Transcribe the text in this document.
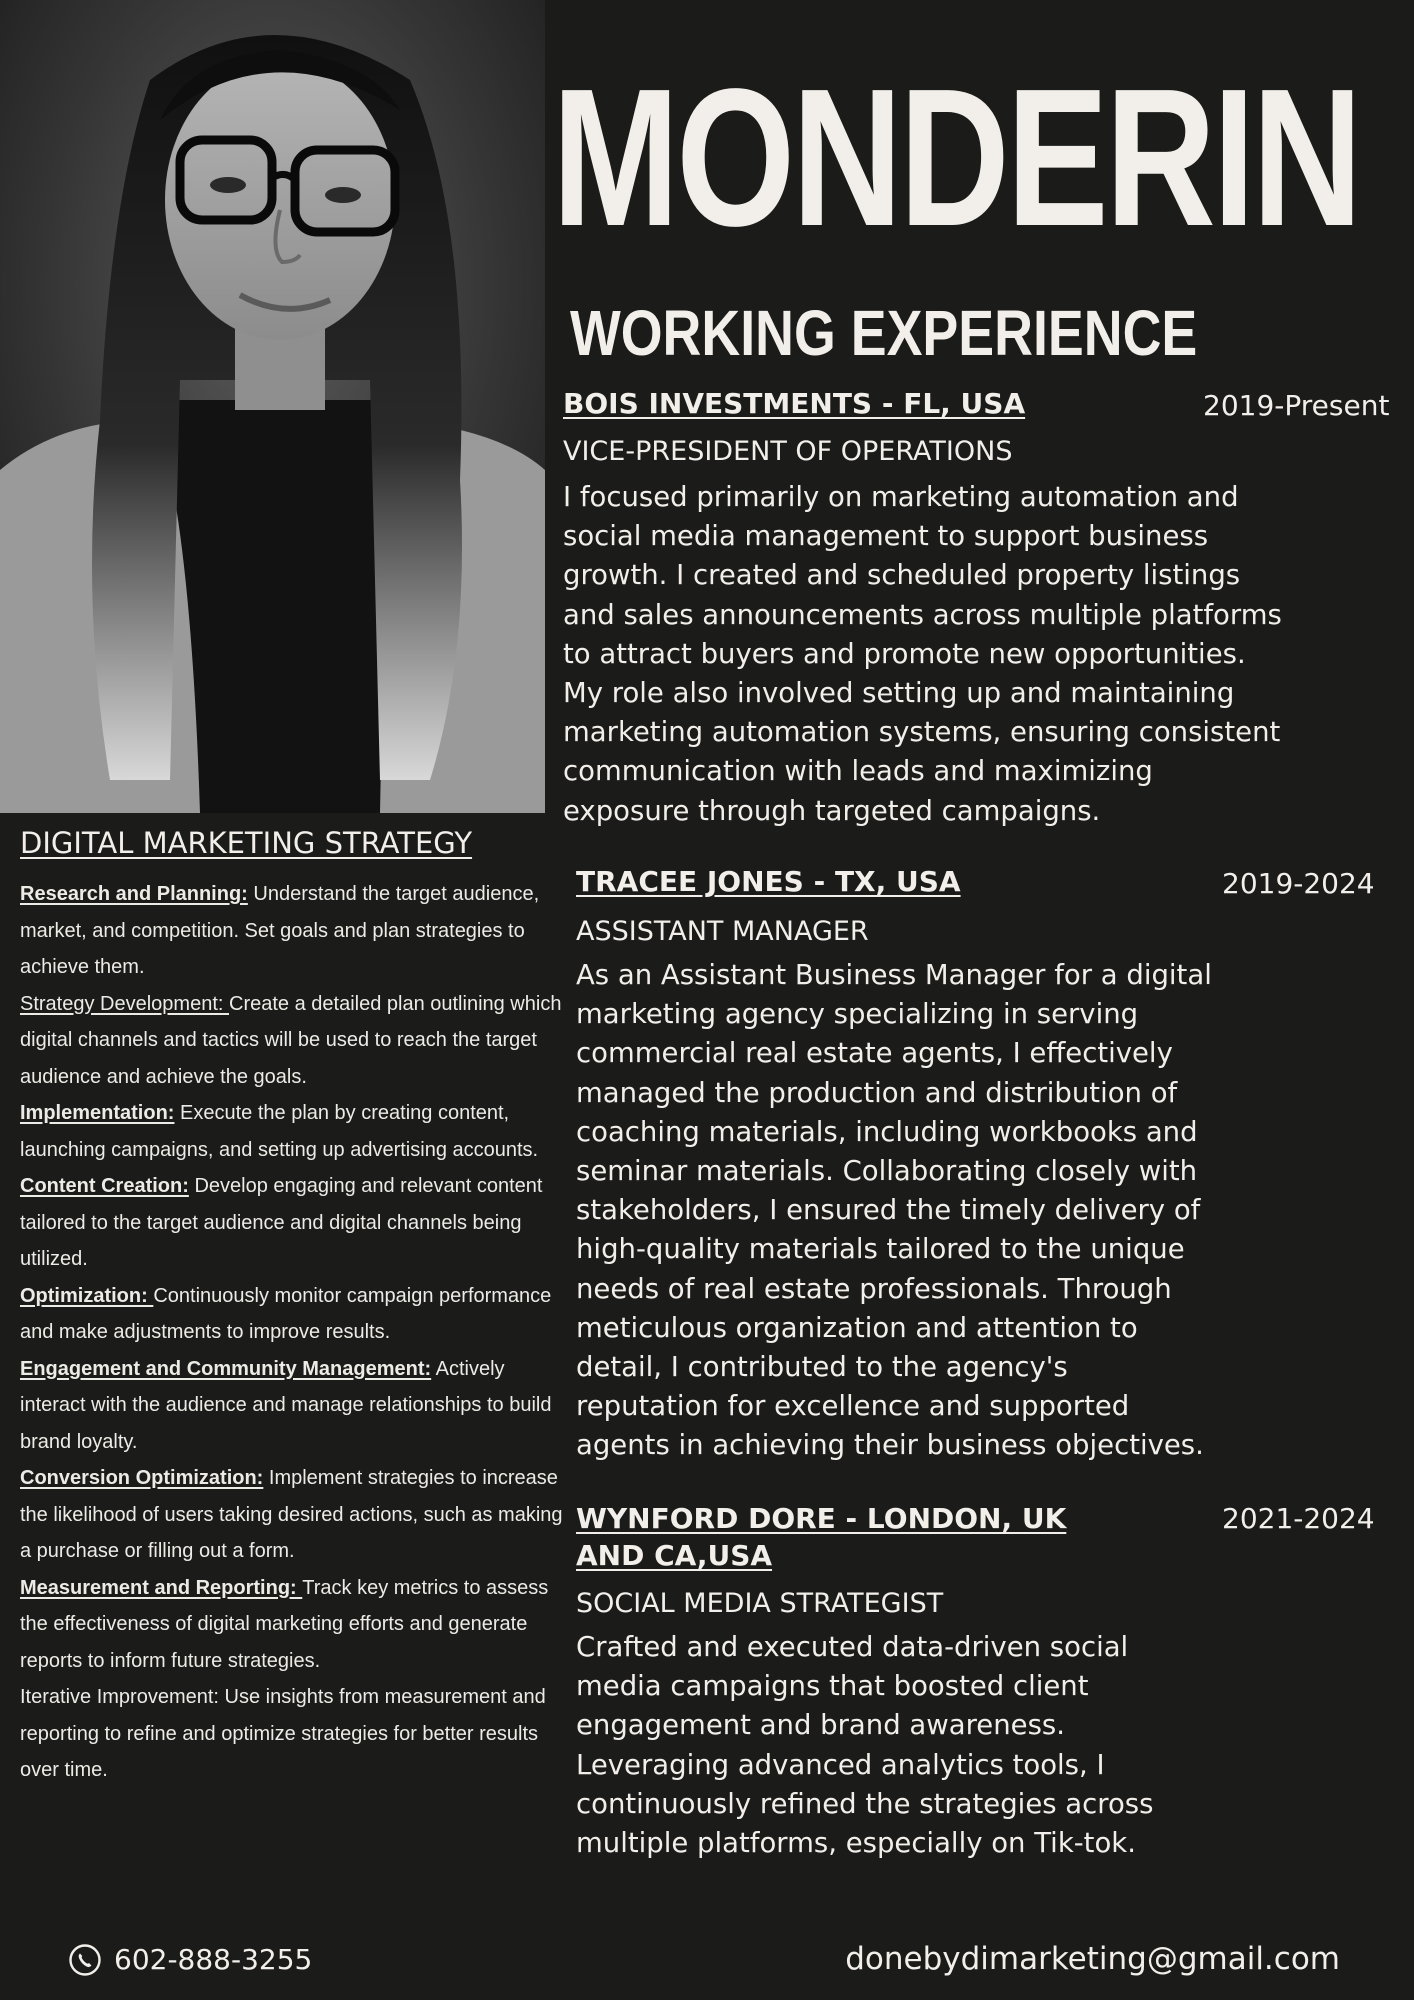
MONDERIN
WORKING EXPERIENCE
BOIS INVESTMENTS - FL, USA
VICE-PRESIDENT OF OPERATIONS
I focused primarily on marketing automation and social media management to support business growth. I created and scheduled property listings and sales announcements across multiple platforms to attract buyers and promote new opportunities. My role also involved setting up and maintaining marketing automation systems, ensuring consistent communication with leads and maximizing exposure through targeted campaigns.
2019-Present
TRACEE JONES - TX, USA
ASSISTANT MANAGER
As an Assistant Business Manager for a digital marketing agency specializing in serving commercial real estate agents, I effectively managed the production and distribution of coaching materials, including workbooks and seminar materials. Collaborating closely with stakeholders, I ensured the timely delivery of high-quality materials tailored to the unique needs of real estate professionals. Through meticulous organization and attention to detail, I contributed to the agency's reputation for excellence and supported agents in achieving their business objectives.
2019-2024
WYNFORD DORE - LONDON, UK AND CA,USA
SOCIAL MEDIA STRATEGIST
Crafted and executed data-driven social media campaigns that boosted client engagement and brand awareness. Leveraging advanced analytics tools, I continuously refined the strategies across multiple platforms, especially on Tik-tok.
2021-2024
DIGITAL MARKETING STRATEGY

Research and Planning: Understand the target audience, market, and competition. Set goals and plan strategies to achieve them.

Strategy Development: Create a detailed plan outlining which digital channels and tactics will be used to reach the target audience and achieve the goals.

Implementation: Execute the plan by creating content, launching campaigns, and setting up advertising accounts.

Content Creation: Develop engaging and relevant content tailored to the target audience and digital channels being utilized.

Optimization: Continuously monitor campaign performance and make adjustments to improve results.

Engagement and Community Management: Actively interact with the audience and manage relationships to build brand loyalty.

Conversion Optimization: Implement strategies to increase the likelihood of users taking desired actions, such as making a purchase or filling out a form.

Measurement and Reporting: Track key metrics to assess the effectiveness of digital marketing efforts and generate reports to inform future strategies.

Iterative Improvement: Use insights from measurement and reporting to refine and optimize strategies for better results over time.

602-888-3255	donebydimarketing@gmail.com
